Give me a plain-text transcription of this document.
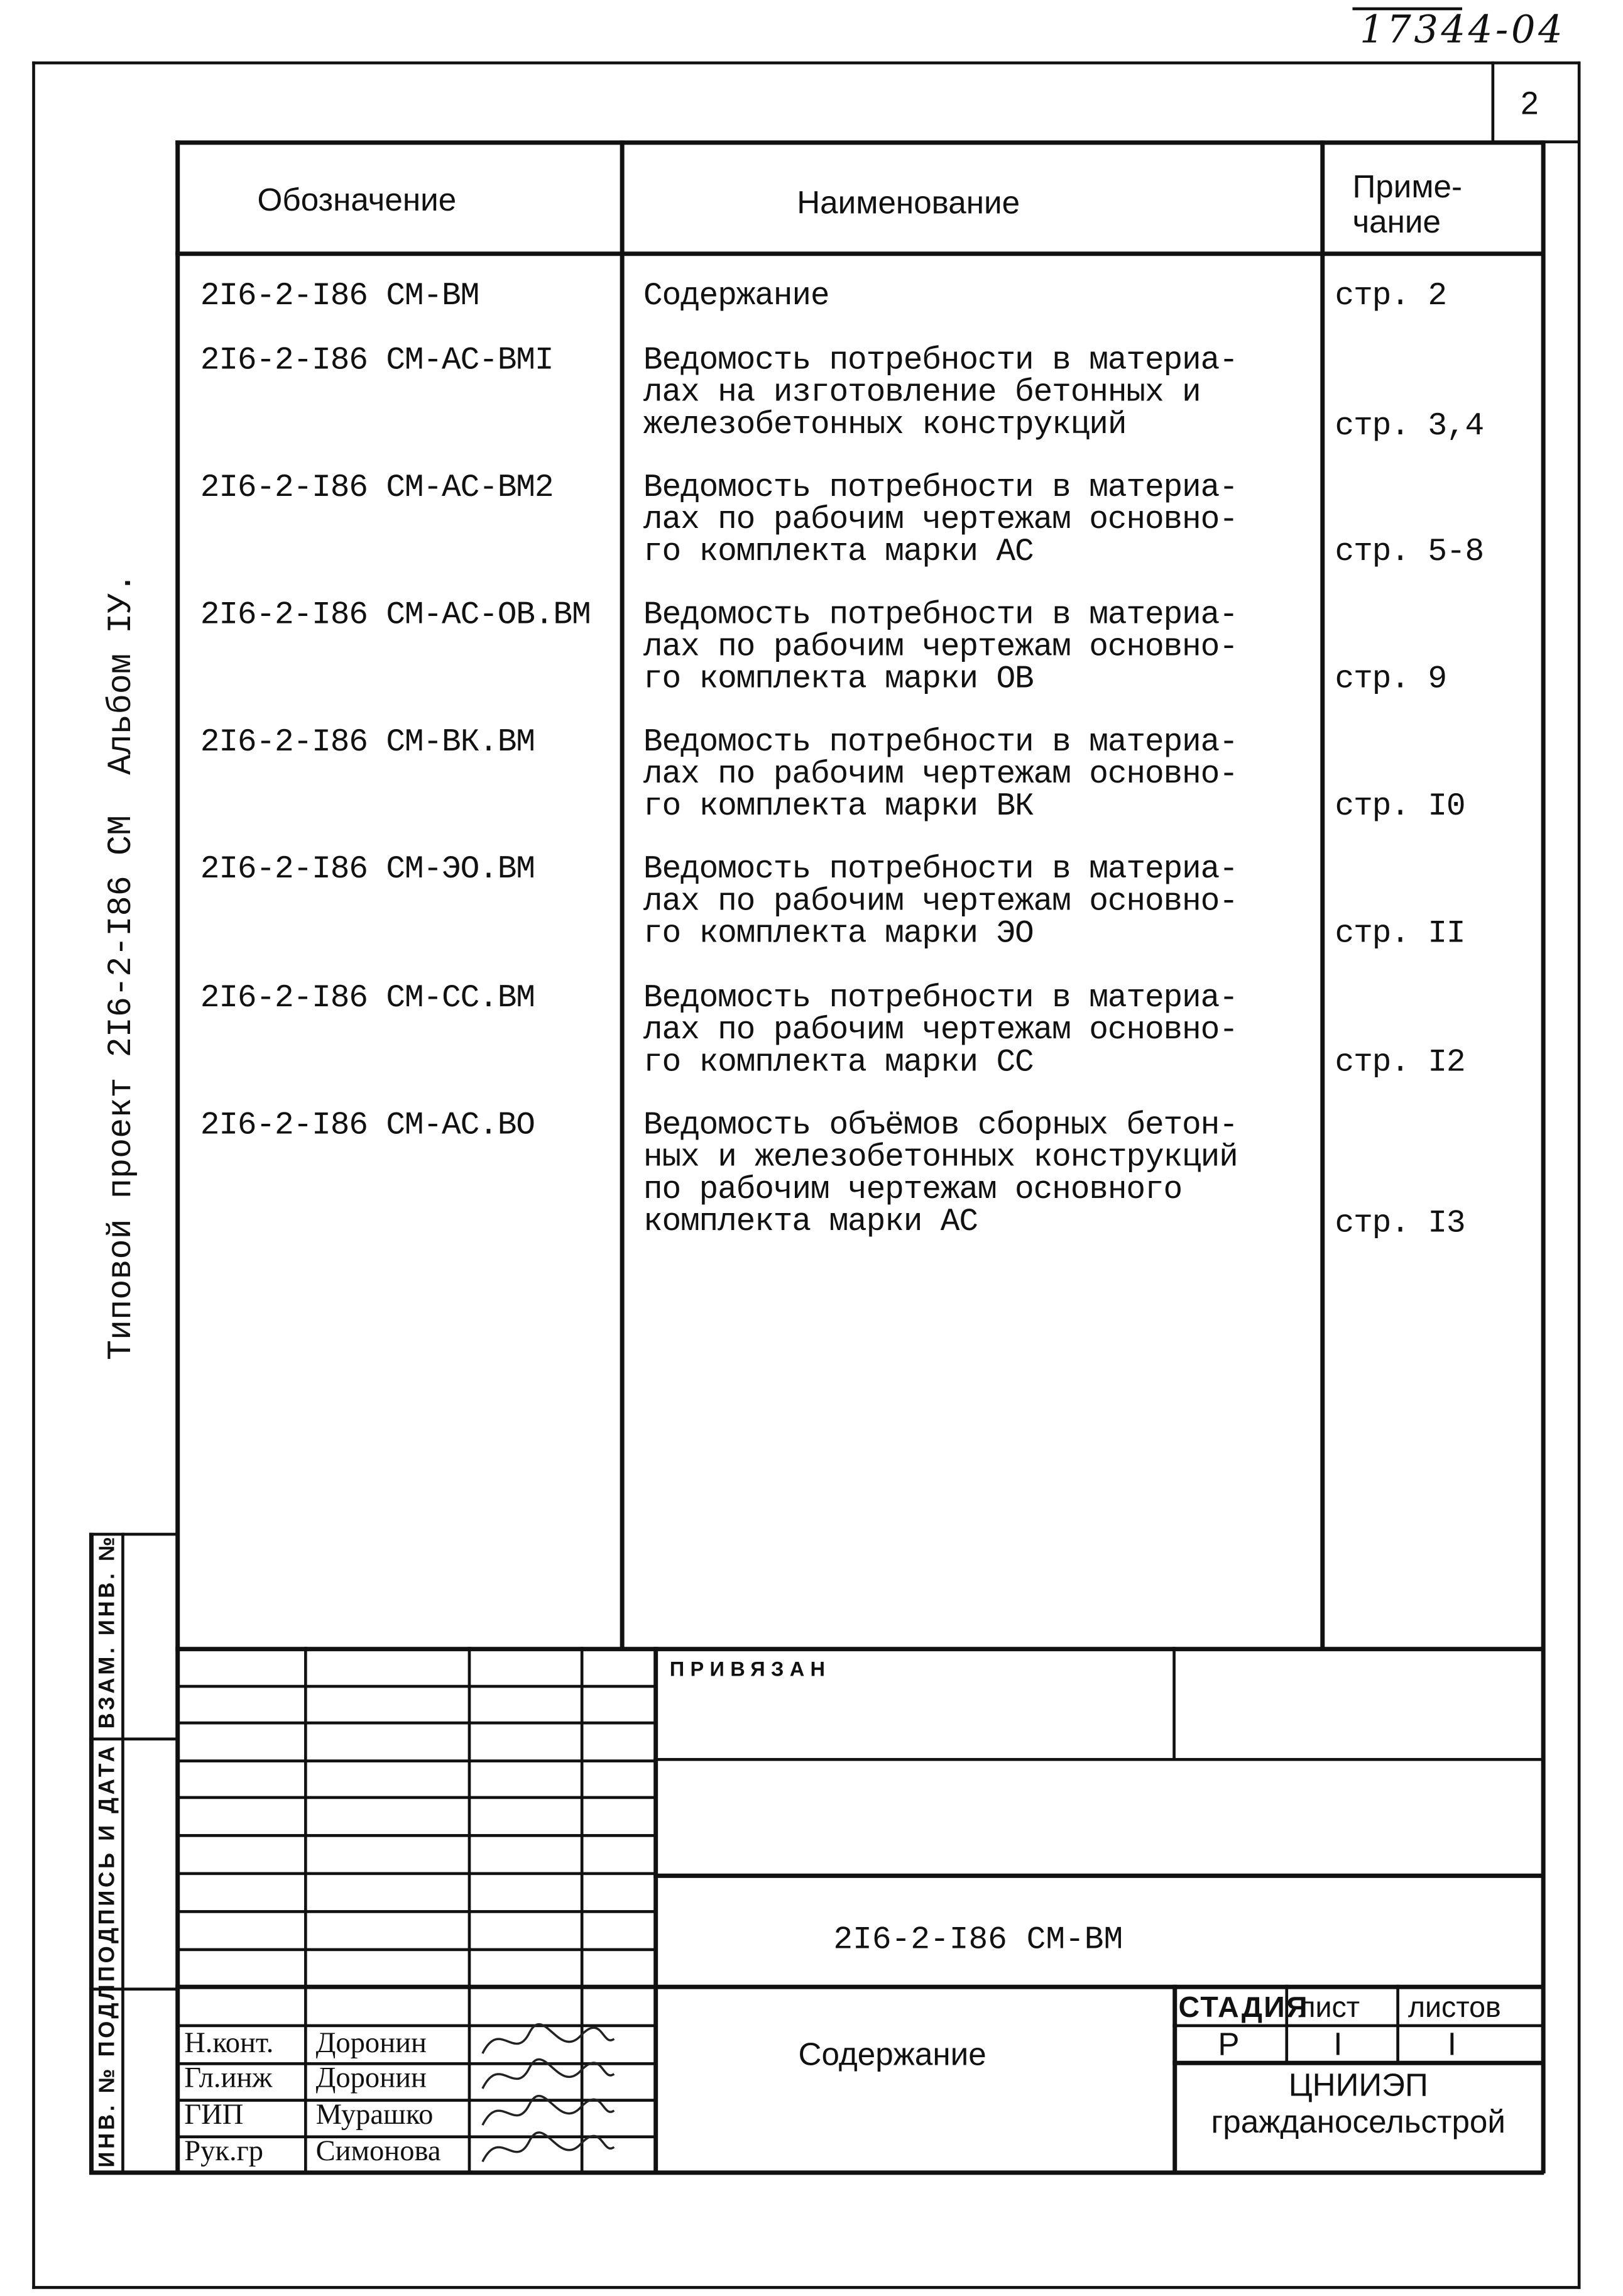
17344-04
2
Обозначение	Наименование	Приме-
чание
2I6-2-I86 СМ-ВМ	Содержание	стр. 2
2I6-2-I86 СМ-АС-ВМI	Ведомость потребности в материа-
лах на изготовление бетонных и
железобетонных конструкций	стр. 3,4
2I6-2-I86 СМ-АС-ВМ2	Ведомость потребности в материа-
лах по рабочим чертежам основно-
го комплекта марки АС	стр. 5-8
2I6-2-I86 СМ-АС-ОВ.ВМ	Ведомость потребности в материа-
лах по рабочим чертежам основно-
го комплекта марки ОВ	стр. 9
2I6-2-I86 СМ-ВК.ВМ	Ведомость потребности в материа-
лах по рабочим чертежам основно-
го комплекта марки ВК	стр. I0
2I6-2-I86 СМ-ЭО.ВМ	Ведомость потребности в материа-
лах по рабочим чертежам основно-
го комплекта марки ЭО	стр. II
2I6-2-I86 СМ-СС.ВМ	Ведомость потребности в материа-
лах по рабочим чертежам основно-
го комплекта марки СС	стр. I2
2I6-2-I86 СМ-АС.ВО	Ведомость объёмов сборных бетон-
ных и железобетонных конструкций
по рабочим чертежам основного
комплекта марки АС	стр. I3
Типовой проект 2I6-2-I86 СМ  Альбом IУ.
ВЗАМ. ИНВ. №
ПОДПИСЬ И ДАТА
ИНВ. № ПОДЛ.
ПРИВЯЗАН
2I6-2-I86 СМ-ВМ
Содержание
СТАДИЯ
лист	листов
Р	I	I
ЦНИИЭП
гражданосельстрой
Н.конт.	Доронин
Гл.инж	Доронин
ГИП	Мурашко
Рук.гр	Симонова
